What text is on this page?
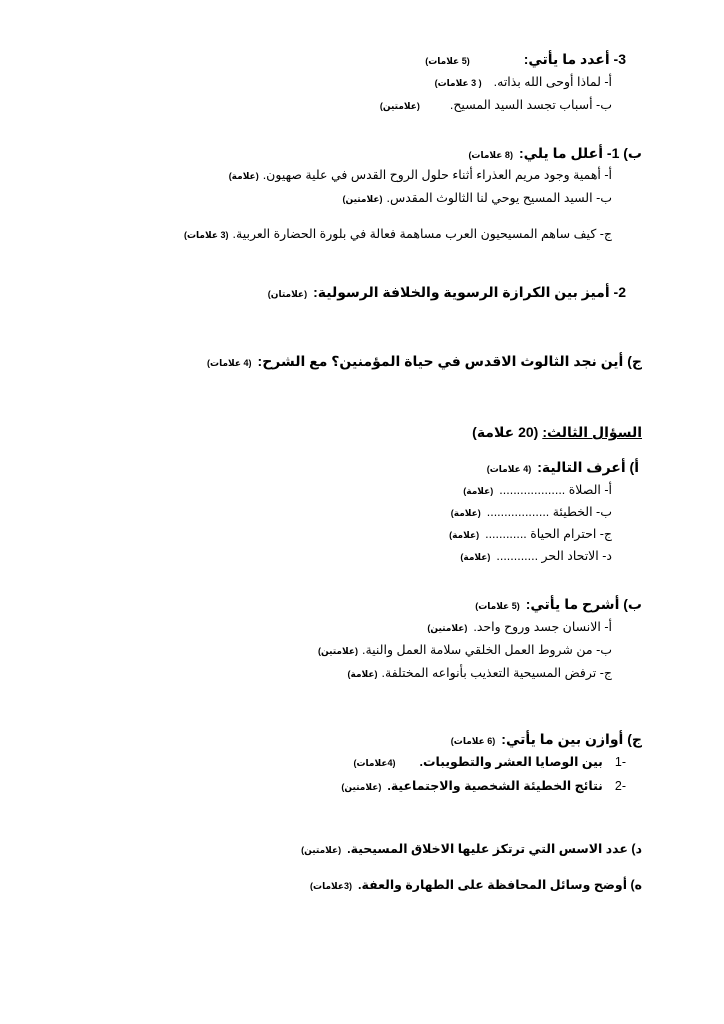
3- أعدد ما يأتي:(5 علامات)
أ- لماذا أوحى الله بذاته.( 3 علامات)
ب- أسباب تجسد السيد المسيح.(علامتين)
ب) 1- أعلل ما يلي:(8 علامات)
أ- أهمية وجود مريم العذراء أثناء حلول الروح القدس في علية صهيون.(علامة)
ب- السيد المسيح يوحي لنا الثالوث المقدس.(علامتين)
ج- كيف ساهم المسيحيون العرب مساهمة فعالة في بلورة الحضارة العربية.(3 علامات)
2- أميز بين الكرازة الرسوية والخلافة الرسولية:(علامتان)
ج) أين نجد الثالوث الاقدس في حياة المؤمنين؟ مع الشرح:(4 علامات)
السؤال الثالث:(20 علامة)
أ) أعرف التالية:(4 علامات)
أ- الصلاة ...................(علامة)
ب- الخطيئة ..................(علامة)
ج- احترام الحياة ............(علامة)
د- الاتحاد الحر ............(علامة)
ب) أشرح ما يأتي:(5 علامات)
أ- الانسان جسد وروح واحد.(علامتين)
ب- من شروط العمل الخلقي سلامة العمل والنية.(علامتين)
ج- ترفض المسيحية التعذيب بأنواعه المختلفة.(علامة)
ج) أوازن بين ما يأتي:(6 علامات)
-1بين الوصايا العشر والتطويبات.(4علامات)
-2نتائج الخطيئة الشخصية والاجتماعية.(علامتين)
د) عدد الاسس التي ترتكز عليها الاخلاق المسيحية.(علامتين)
ه) أوضح وسائل المحافظة على الطهارة والعفة.(3علامات)
